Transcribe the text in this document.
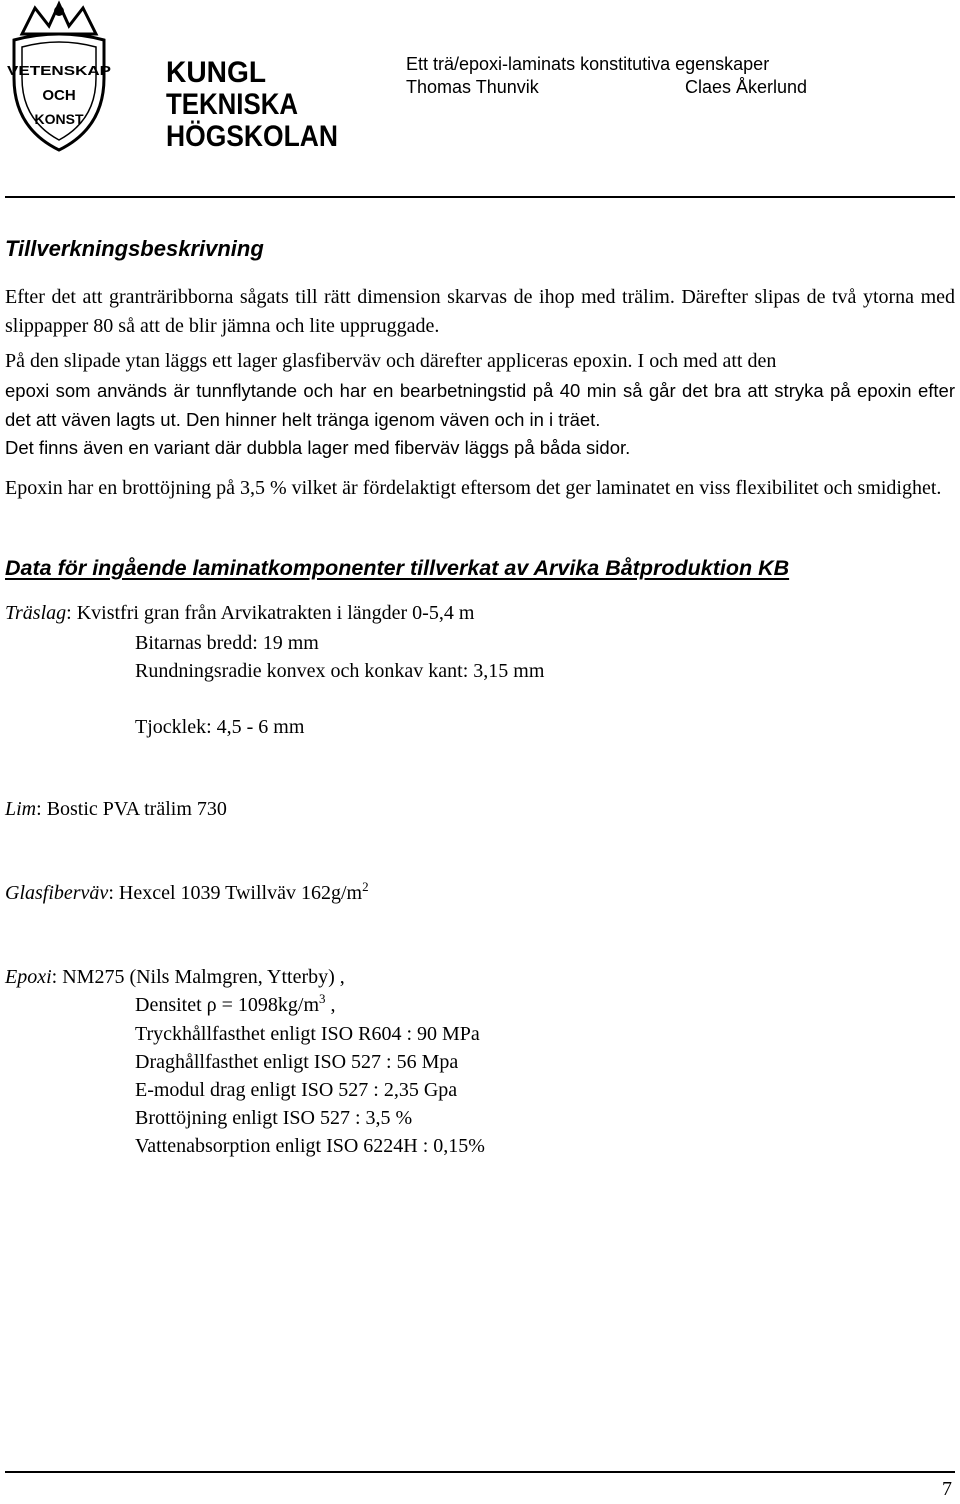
VETENSKAP
OCH
KONST
KUNGL
TEKNISKA
HÖGSKOLAN
Ett trä/epoxi-laminats konstitutiva egenskaper
Thomas Thunvik	Claes Åkerlund
Tillverkningsbeskrivning

Efter det att granträribborna sågats till rätt dimension skarvas de ihop med trälim. Därefter slipas de två ytorna med slippapper 80 så att de blir jämna och lite uppruggade.

På den slipade ytan läggs ett lager glasfiberväv och därefter appliceras epoxin. I och med att den

epoxi som används är tunnflytande och har en bearbetningstid på 40 min så går det bra att stryka på epoxin efter det att väven lagts ut. Den hinner helt tränga igenom väven och in i träet.

Det finns även en variant där dubbla lager med fiberväv läggs på båda sidor.

Epoxin har en brottöjning på 3,5 % vilket är fördelaktigt eftersom det ger laminatet en viss flexibilitet och smidighet.

Data för ingående laminatkomponenter tillverkat av Arvika Båtproduktion KB
Träslag: Kvistfri gran från Arvikatrakten i längder 0-5,4 m
Bitarnas bredd: 19 mm
Rundningsradie konvex och konkav kant: 3,15 mm
Tjocklek: 4,5 - 6 mm
Lim: Bostic PVA trälim 730
Glasfiberväv: Hexcel 1039 Twillväv $162g/m^2$
Epoxi: NM275 (Nils Malmgren, Ytterby) ,
Densitet $\rho = 1098kg/m^3$ ,
Tryckhållfasthet enligt ISO R604 : 90 MPa
Draghållfasthet enligt ISO 527 : 56 Mpa
E-modul drag enligt ISO 527 : 2,35 Gpa
Brottöjning enligt ISO 527 : 3,5 %
Vattenabsorption enligt ISO 6224H : 0,15%
7
